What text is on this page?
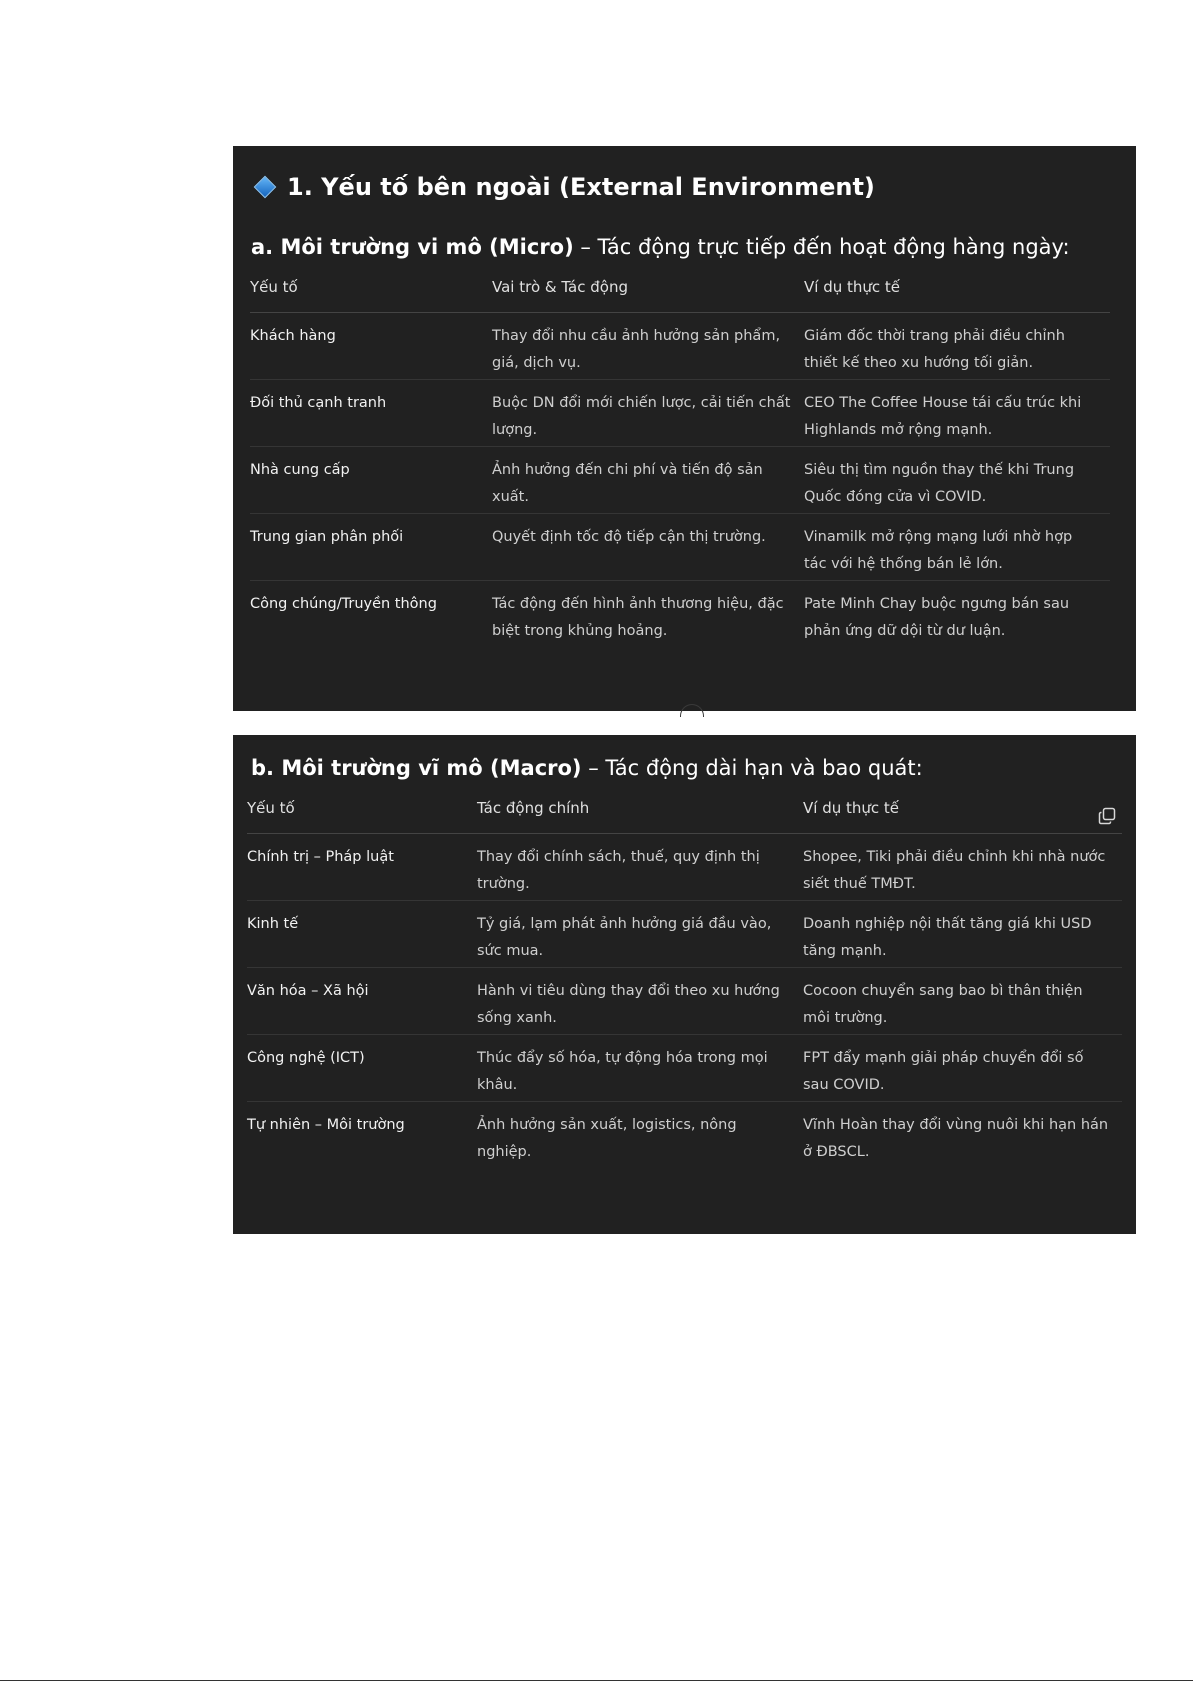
1. Yếu tố bên ngoài (External Environment)
a. Môi trường vi mô (Micro) – Tác động trực tiếp đến hoạt động hàng ngày:
Yếu tố	Vai trò & Tác động	Ví dụ thực tế
Khách hàng	Thay đổi nhu cầu ảnh hưởng sản phẩm, giá, dịch vụ.	Giám đốc thời trang phải điều chỉnh thiết kế theo xu hướng tối giản.
Đối thủ cạnh tranh	Buộc DN đổi mới chiến lược, cải tiến chất lượng.	CEO The Coffee House tái cấu trúc khi Highlands mở rộng mạnh.
Nhà cung cấp	Ảnh hưởng đến chi phí và tiến độ sản xuất.	Siêu thị tìm nguồn thay thế khi Trung Quốc đóng cửa vì COVID.
Trung gian phân phối	Quyết định tốc độ tiếp cận thị trường.	Vinamilk mở rộng mạng lưới nhờ hợp tác với hệ thống bán lẻ lớn.
Công chúng/Truyền thông	Tác động đến hình ảnh thương hiệu, đặc biệt trong khủng hoảng.	Pate Minh Chay buộc ngưng bán sau phản ứng dữ dội từ dư luận.
b. Môi trường vĩ mô (Macro) – Tác động dài hạn và bao quát:
Yếu tố	Tác động chính	Ví dụ thực tế
Chính trị – Pháp luật	Thay đổi chính sách, thuế, quy định thị trường.	Shopee, Tiki phải điều chỉnh khi nhà nước siết thuế TMĐT.
Kinh tế	Tỷ giá, lạm phát ảnh hưởng giá đầu vào, sức mua.	Doanh nghiệp nội thất tăng giá khi USD tăng mạnh.
Văn hóa – Xã hội	Hành vi tiêu dùng thay đổi theo xu hướng sống xanh.	Cocoon chuyển sang bao bì thân thiện môi trường.
Công nghệ (ICT)	Thúc đẩy số hóa, tự động hóa trong mọi khâu.	FPT đẩy mạnh giải pháp chuyển đổi số sau COVID.
Tự nhiên – Môi trường	Ảnh hưởng sản xuất, logistics, nông nghiệp.	Vĩnh Hoàn thay đổi vùng nuôi khi hạn hán ở ĐBSCL.
